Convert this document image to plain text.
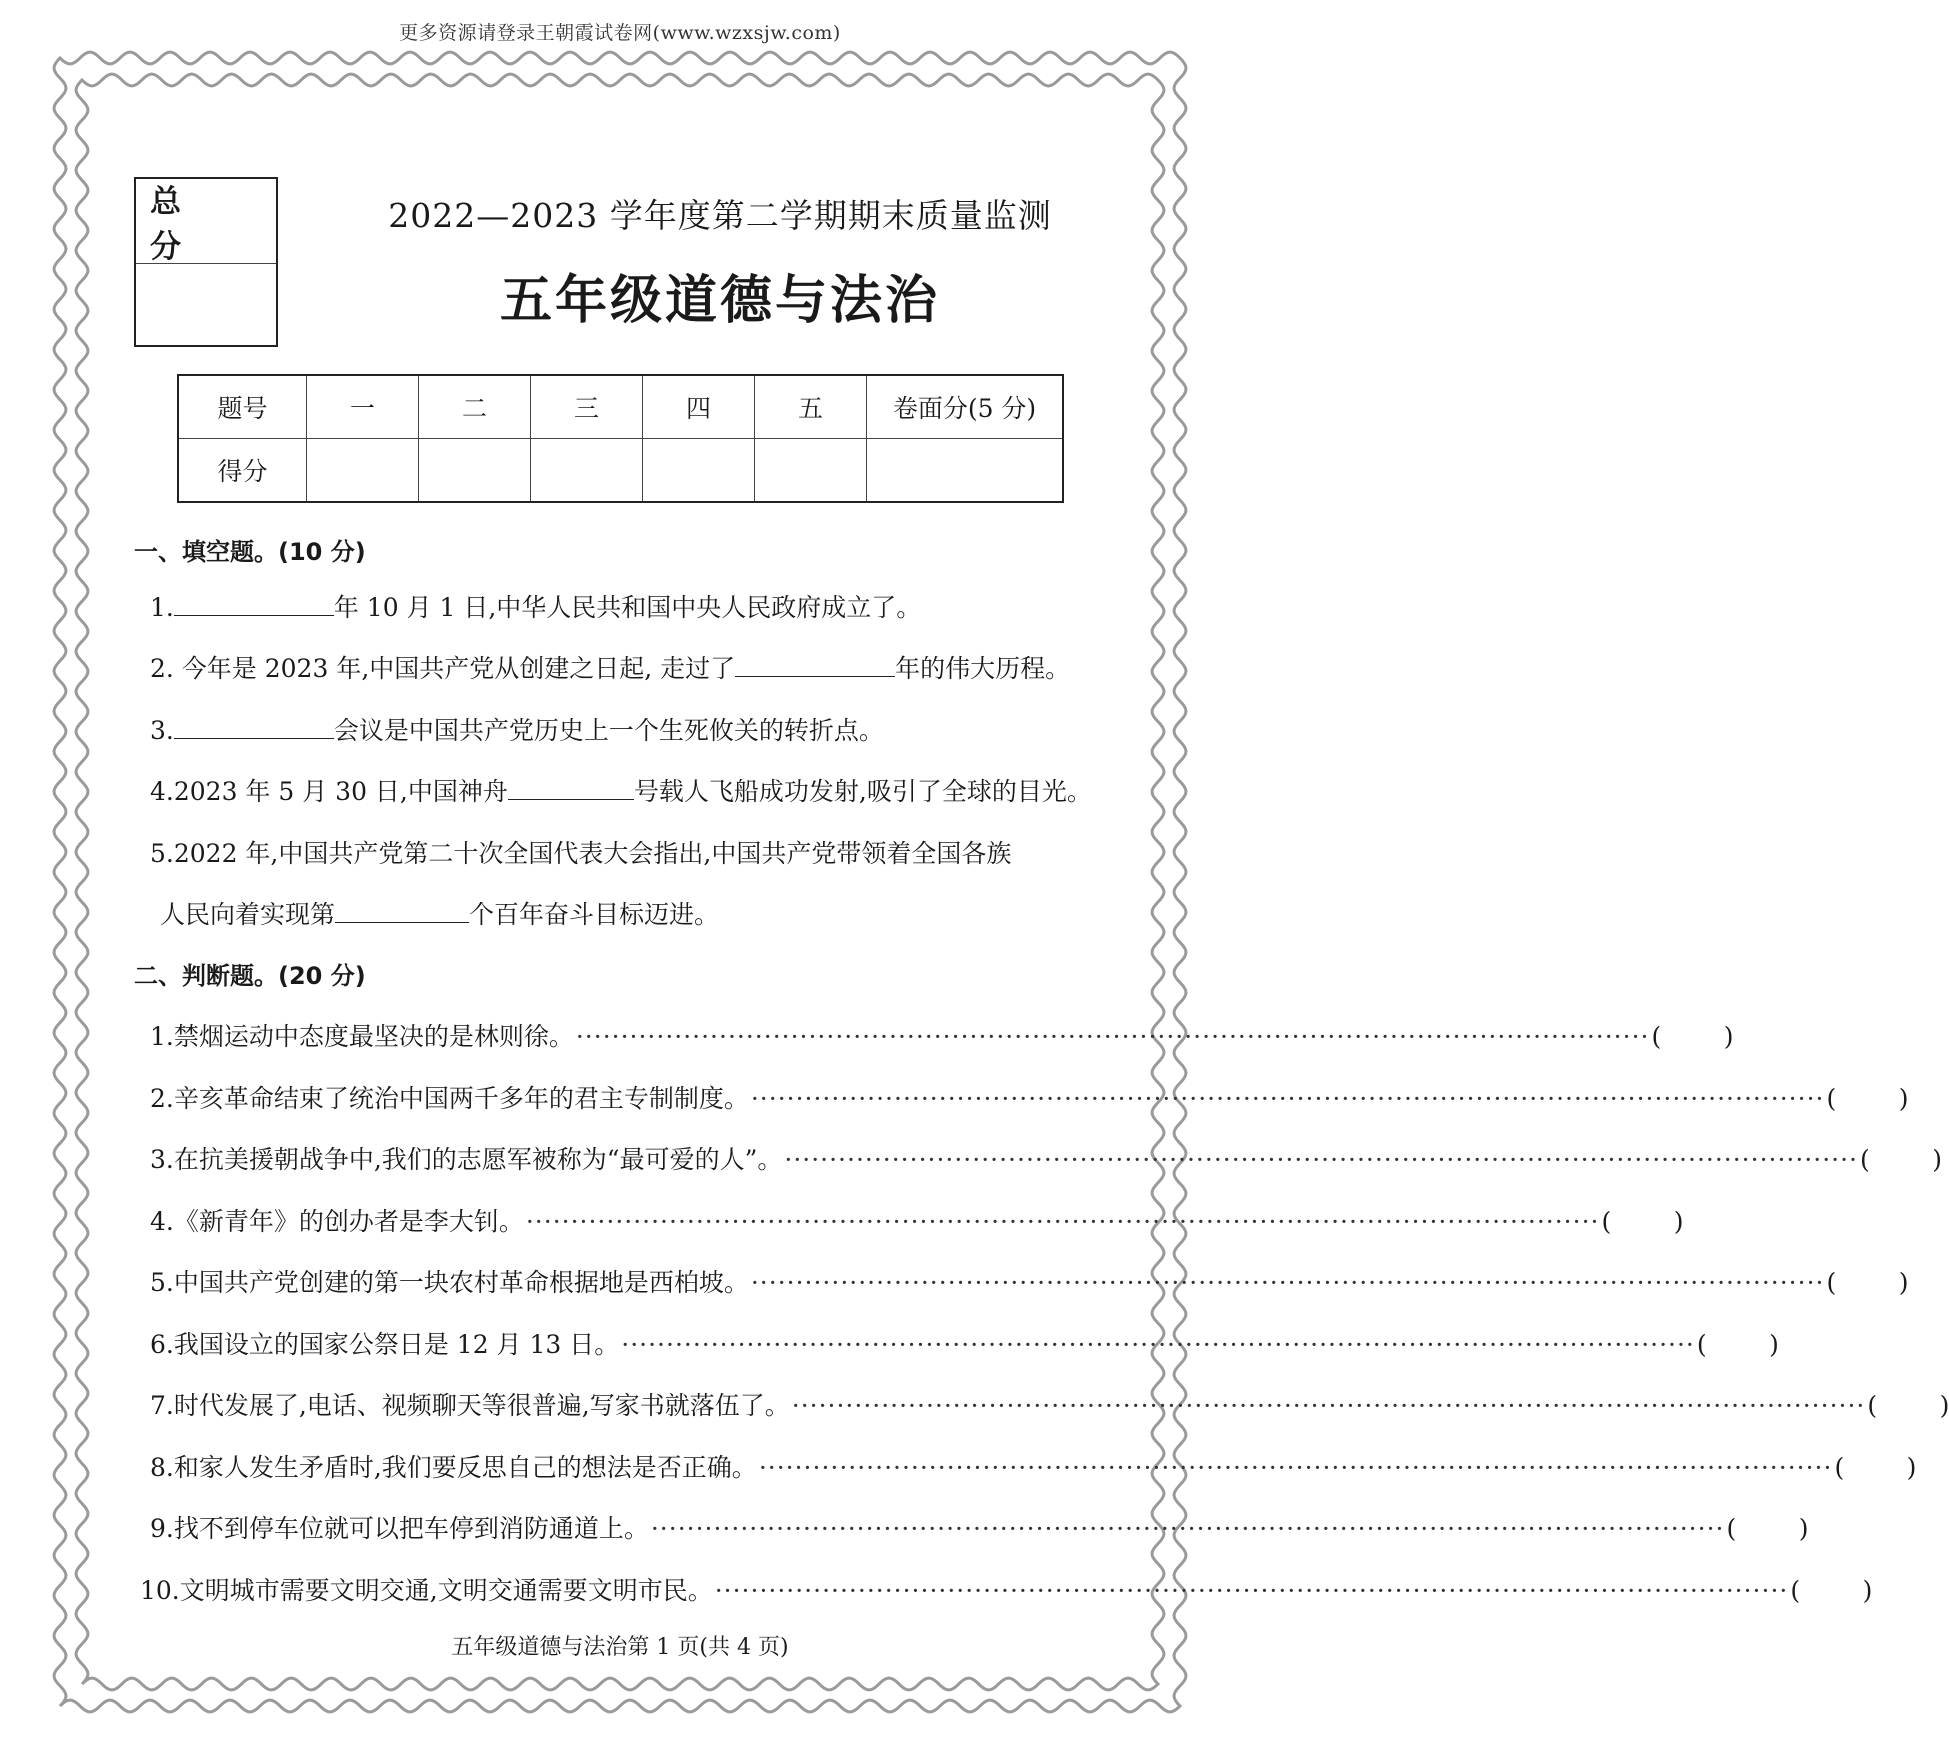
更多资源请登录王朝霞试卷网(www.wzxsjw.com)
总 分
2022—2023 学年度第二学期期末质量监测
五年级道德与法治
题号	一	二	三	四	五	卷面分(5 分)
得分						
一、填空题。(10 分)
1.	年 10 月 1 日,中华人民共和国中央人民政府成立了。
2. 今年是 2023 年,中国共产党从创建之日起, 走过了	年的伟大历程。
3.	会议是中国共产党历史上一个生死攸关的转折点。
4.2023 年 5 月 30 日,中国神舟	号载人飞船成功发射,吸引了全球的目光。
5.2022 年,中国共产党第二十次全国代表大会指出,中国共产党带领着全国各族
人民向着实现第	个百年奋斗目标迈进。
二、判断题。(20 分)
1.禁烟运动中态度最坚决的是林则徐。 ························································································································ ( )
2.辛亥革命结束了统治中国两千多年的君主专制制度。 ························································································································ ( )
3.在抗美援朝战争中,我们的志愿军被称为“最可爱的人”。 ························································································································ ( )
4.《新青年》的创办者是李大钊。 ························································································································ ( )
5.中国共产党创建的第一块农村革命根据地是西柏坡。 ························································································································ ( )
6.我国设立的国家公祭日是 12 月 13 日。 ························································································································ ( )
7.时代发展了,电话、视频聊天等很普遍,写家书就落伍了。 ························································································································ ( )
8.和家人发生矛盾时,我们要反思自己的想法是否正确。 ························································································································ ( )
9.找不到停车位就可以把车停到消防通道上。 ························································································································ ( )
10.文明城市需要文明交通,文明交通需要文明市民。 ························································································································ ( )
五年级道德与法治第 1 页(共 4 页)
